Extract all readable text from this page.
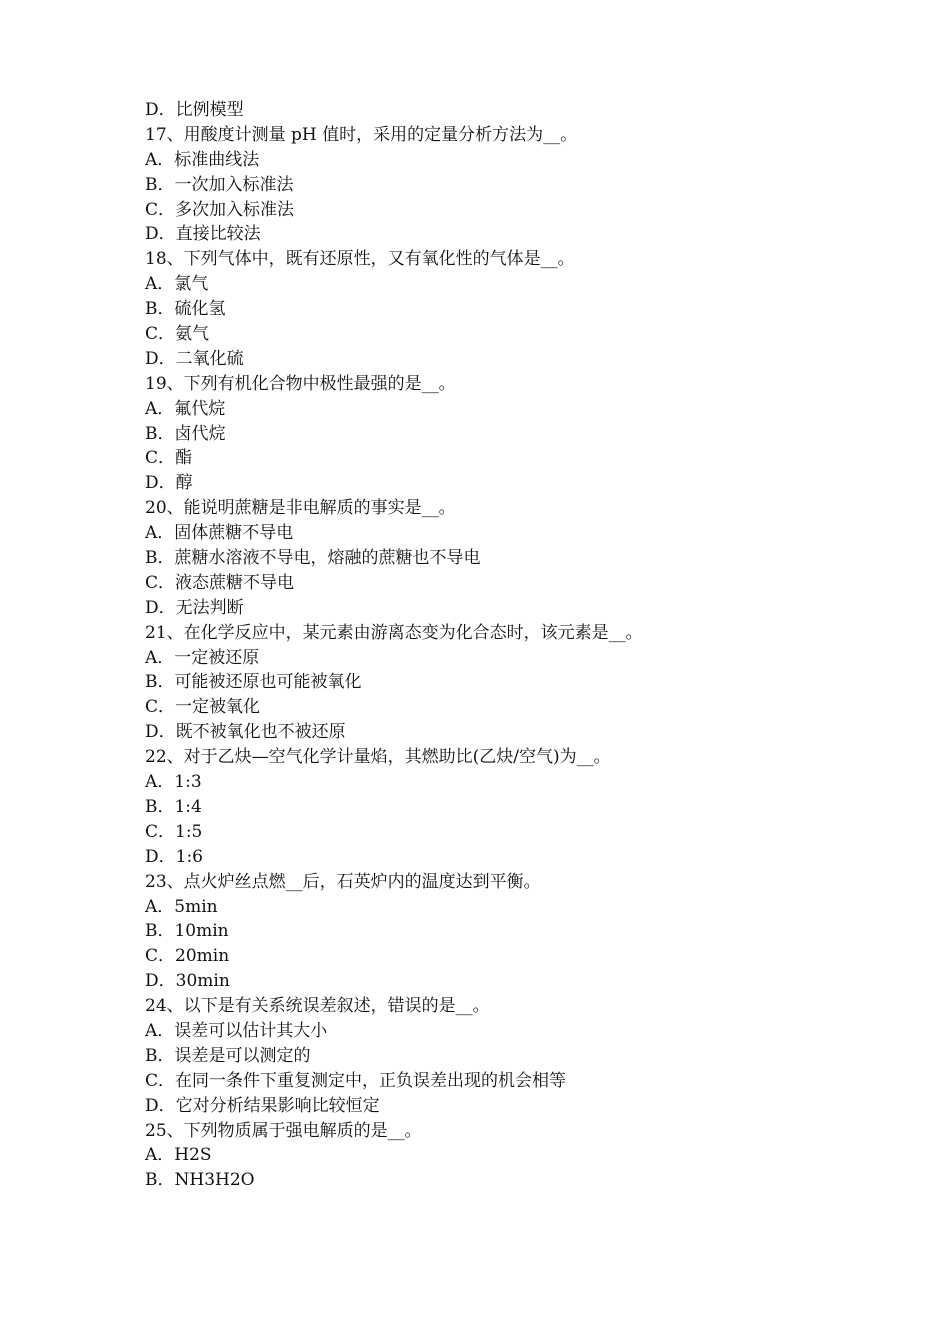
D．比例模型
17、用酸度计测量 pH 值时，采用的定量分析方法为__。
A．标准曲线法
B．一次加入标准法
C．多次加入标准法
D．直接比较法
18、下列气体中，既有还原性，又有氧化性的气体是__。
A．氯气
B．硫化氢
C．氨气
D．二氧化硫
19、下列有机化合物中极性最强的是__。
A．氟代烷
B．卤代烷
C．酯
D．醇
20、能说明蔗糖是非电解质的事实是__。
A．固体蔗糖不导电
B．蔗糖水溶液不导电，熔融的蔗糖也不导电
C．液态蔗糖不导电
D．无法判断
21、在化学反应中，某元素由游离态变为化合态时，该元素是__。
A．一定被还原
B．可能被还原也可能被氧化
C．一定被氧化
D．既不被氧化也不被还原
22、对于乙炔—空气化学计量焰，其燃助比(乙炔/空气)为__。
A．1:3
B．1:4
C．1:5
D．1:6
23、点火炉丝点燃__后，石英炉内的温度达到平衡。
A．5min
B．10min
C．20min
D．30min
24、以下是有关系统误差叙述，错误的是__。
A．误差可以估计其大小
B．误差是可以测定的
C．在同一条件下重复测定中，正负误差出现的机会相等
D．它对分析结果影响比较恒定
25、下列物质属于强电解质的是__。
A．H2S
B．NH3H2O
